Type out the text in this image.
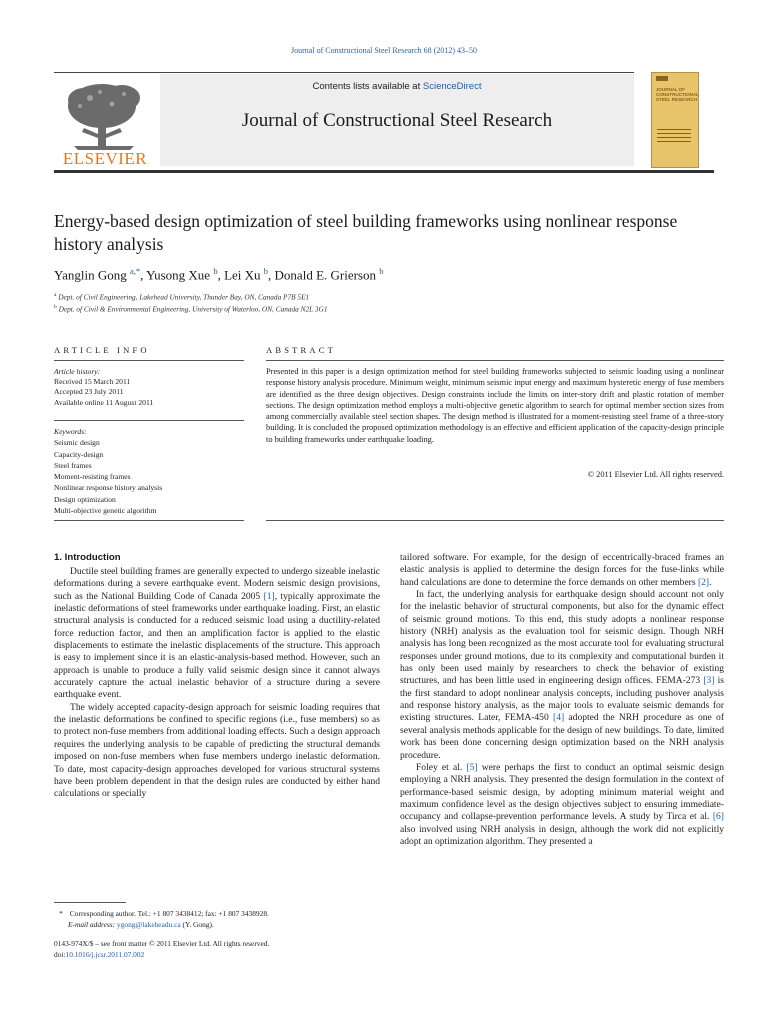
Journal of Constructional Steel Research 68 (2012) 43–50
ELSEVIER
Contents lists available at ScienceDirect
Journal of Constructional Steel Research
JOURNAL OF CONSTRUCTIONAL STEEL RESEARCH
Energy-based design optimization of steel building frameworks using nonlinear response history analysis
Yanglin Gong $^{a,*}$, Yusong Xue $^b$, Lei Xu $^b$, Donald E. Grierson $^b$
$^a$ Dept. of Civil Engineering, Lakehead University, Thunder Bay, ON, Canada P7B 5E1
$^b$ Dept. of Civil & Environmental Engineering, University of Waterloo, ON, Canada N2L 3G1
ARTICLE INFO	ABSTRACT
Article history:
Received 15 March 2011
Accepted 23 July 2011
Available online 11 August 2011
Keywords:
Seismic design
Capacity-design
Steel frames
Moment-resisting frames
Nonlinear response history analysis
Design optimization
Multi-objective genetic algorithm
Presented in this paper is a design optimization method for steel building frameworks subjected to seismic loading using a nonlinear response history analysis procedure. Minimum weight, minimum seismic input energy and maximum hysteretic energy of fuse members are identified as the three design objectives. Design constraints include the limits on inter-story drift and plastic rotation of member sections. The design optimization method employs a multi-objective genetic algorithm to search for optimal member section sizes from among commercially available steel section shapes. The design method is illustrated for a moment-resisting steel frame of a three-story building. It is concluded the proposed optimization methodology is an effective and efficient application of the capacity-design principle to building frameworks under earthquake loading.
© 2011 Elsevier Ltd. All rights reserved.
1. Introduction

Ductile steel building frames are generally expected to undergo sizeable inelastic deformations during a severe earthquake event. Modern seismic design provisions, such as the National Building Code of Canada 2005 [1], typically approximate the inelastic deformations of steel frameworks under earthquake loading. First, an elastic structural analysis is conducted for a reduced seismic load using a ductility-related force reduction factor, and then an amplification factor is applied to the elastic displacements to estimate the inelastic displacements of the structure. This approach is easy to implement since it is an elastic-analysis-based method. However, such an approach is unable to produce a fully valid seismic design since it cannot always accurately capture the actual inelastic behavior of a structure during a severe earthquake event.

The widely accepted capacity-design approach for seismic loading requires that the inelastic deformations be confined to specific regions (i.e., fuse members) so as to protect non-fuse members from additional loading effects. Such a design approach requires the underlying analysis to be capable of predicting the structural demands imposed on non-fuse members when fuse members undergo inelastic deformation. To date, most capacity-design approaches developed for various structural systems have been problem dependent in that the design rules are conducted by either hand calculations or specially

tailored software. For example, for the design of eccentrically-braced frames an elastic analysis is applied to determine the design forces for the fuse-links while hand calculations are done to determine the force demands on other members [2].

In fact, the underlying analysis for earthquake design should account not only for the inelastic behavior of structural components, but also for the dynamic effect of seismic ground motions. To this end, this study adopts a nonlinear response history (NRH) analysis as the evaluation tool for seismic design. Though NRH analysis has long been recognized as the most accurate tool for evaluating structural responses under ground motions, due to its complexity and computational burden it has only been used mainly by researchers to check the behavior of existing structures, and has been little used in engineering design offices. FEMA-273 [3] is the first standard to adopt nonlinear analysis concepts, including pushover analysis and response history analysis, as the major tools to evaluate seismic demands for existing structures. Later, FEMA-450 [4] adopted the NRH procedure as one of several analysis methods applicable for the design of new buildings. To date, limited work has been done concerning design optimization based on the NRH analysis procedure.

Foley et al. [5] were perhaps the first to conduct an optimal seismic design employing a NRH analysis. They presented the design formulation in the context of performance-based seismic design, by adopting minimum material weight and maximum confidence level as the design objectives subject to ensuring immediate-occupancy and collapse-prevention performance levels. A study by Tirca et al. [6] also involved using NRH analysis in design, although the work did not explicitly adopt an optimization algorithm. They presented a

* Corresponding author. Tel.: +1 807 3438412; fax: +1 807 3438928.
E-mail address: ygong@lakeheadu.ca (Y. Gong).
0143-974X/$ – see front matter © 2011 Elsevier Ltd. All rights reserved.
doi:10.1016/j.jcsr.2011.07.002
